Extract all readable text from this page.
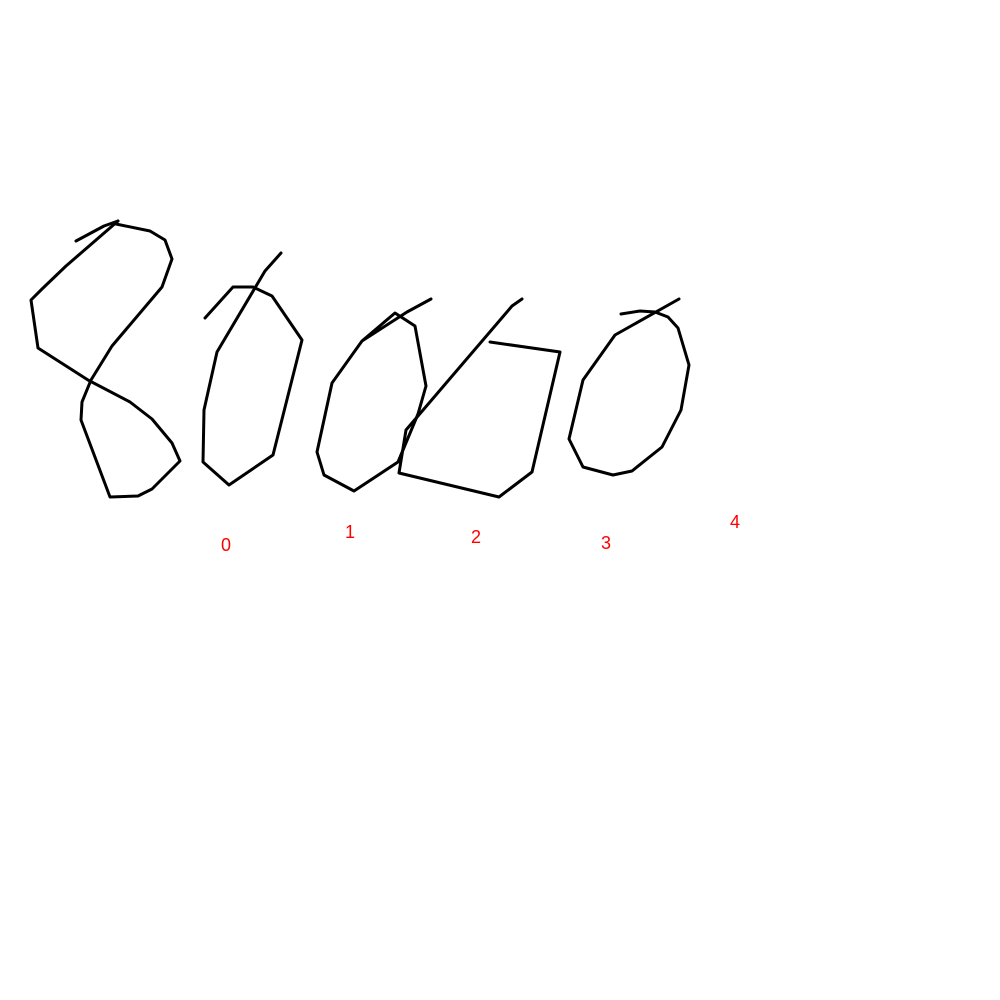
0
1	2	3
4
